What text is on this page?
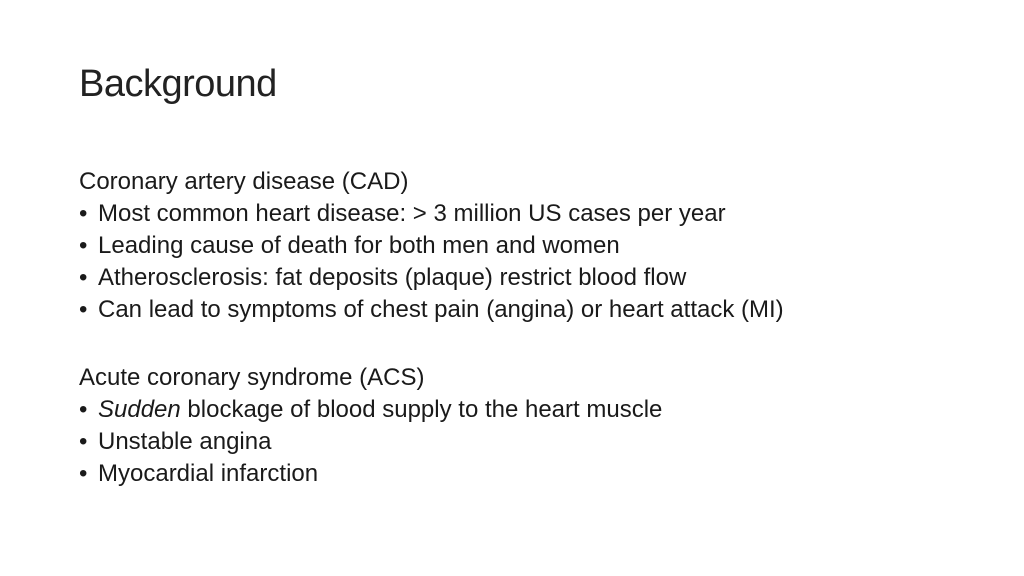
Background
Coronary artery disease (CAD)
• Most common heart disease: > 3 million US cases per year
• Leading cause of death for both men and women
• Atherosclerosis: fat deposits (plaque) restrict blood flow
• Can lead to symptoms of chest pain (angina) or heart attack (MI)
Acute coronary syndrome (ACS)
• Sudden blockage of blood supply to the heart muscle
• Unstable angina
• Myocardial infarction
